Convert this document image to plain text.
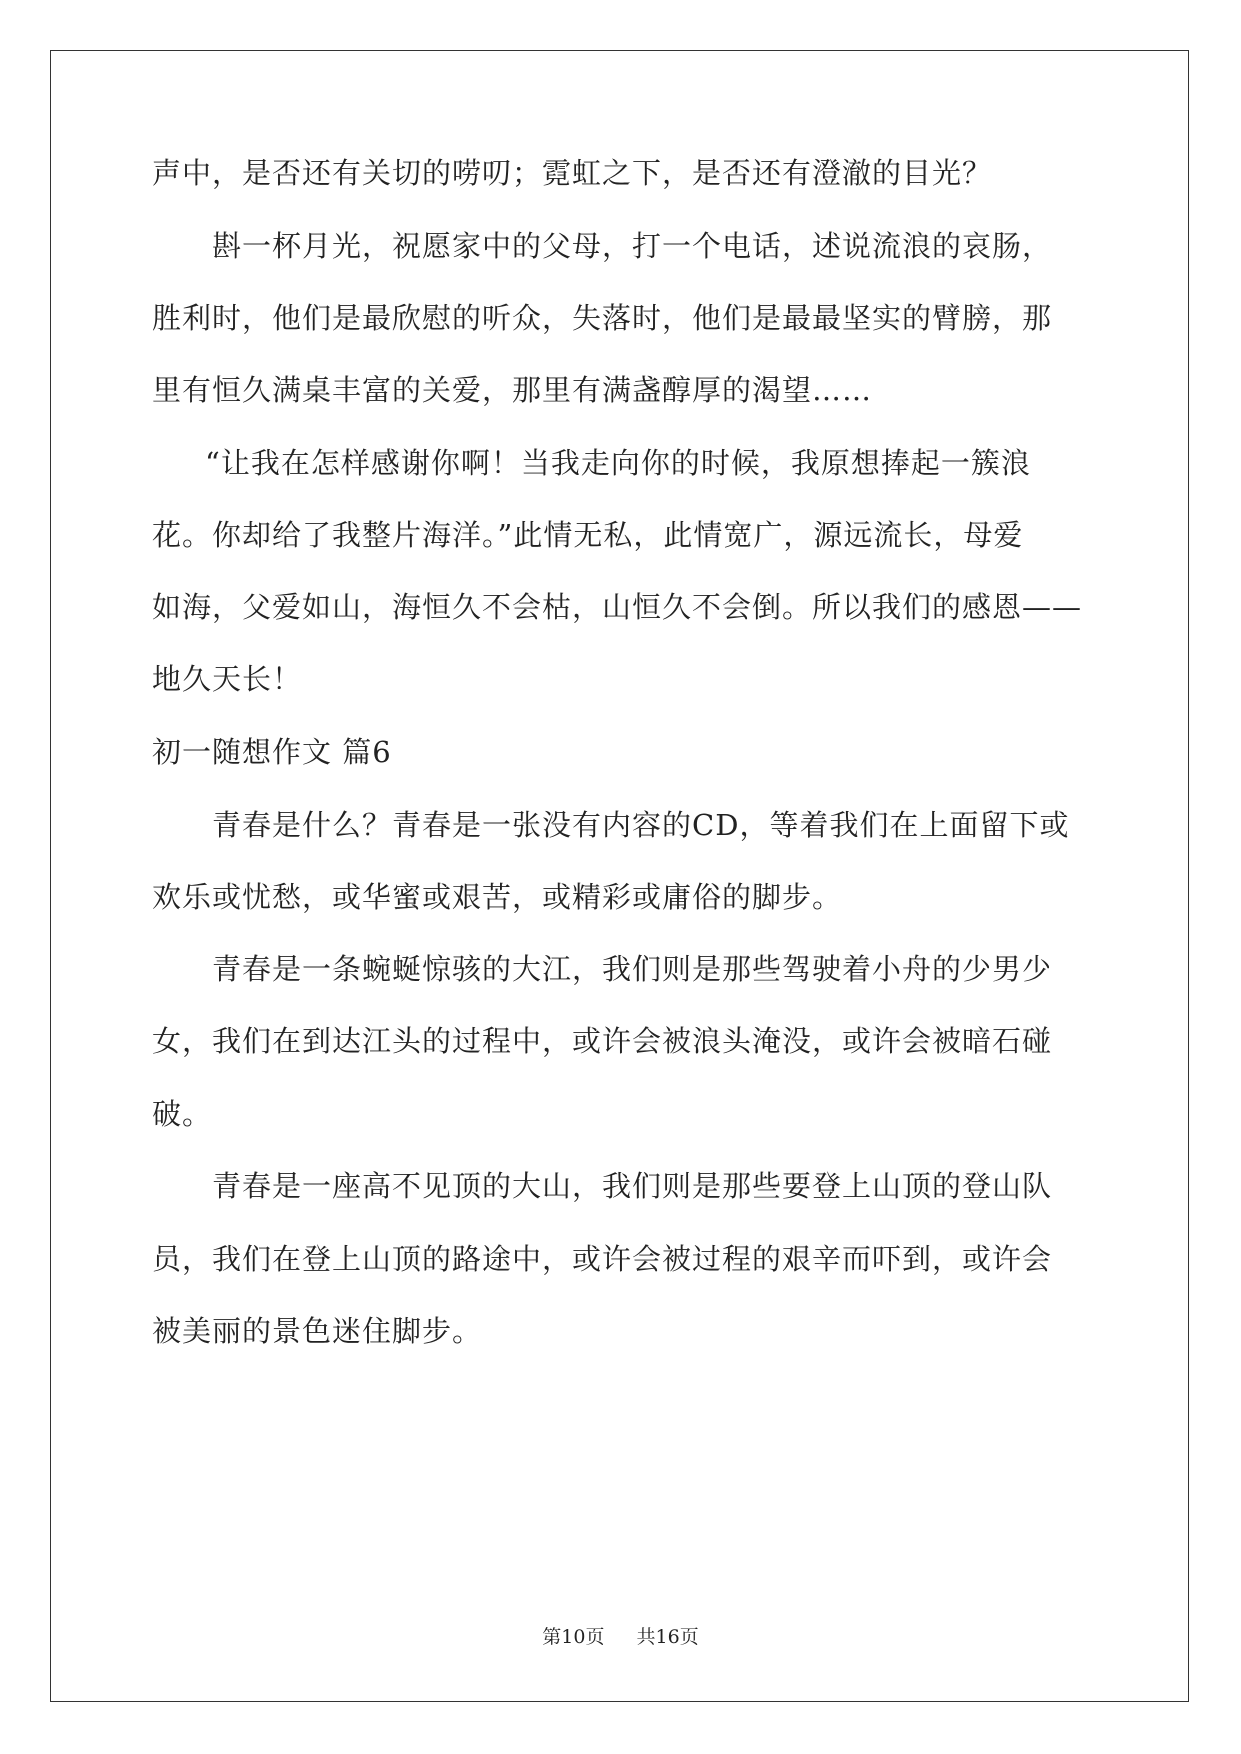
声中，是否还有关切的唠叨；霓虹之下，是否还有澄澈的目光？
斟一杯月光，祝愿家中的父母，打一个电话，述说流浪的哀肠，
胜利时，他们是最欣慰的听众，失落时，他们是最最坚实的臂膀，那
里有恒久满桌丰富的关爱，那里有满盏醇厚的渴望……
“让我在怎样感谢你啊！当我走向你的时候，我原想捧起一簇浪
花。你却给了我整片海洋。”此情无私，此情宽广，源远流长，母爱
如海，父爱如山，海恒久不会枯，山恒久不会倒。所以我们的感恩——
地久天长！
初一随想作文 篇6
青春是什么？青春是一张没有内容的CD，等着我们在上面留下或
欢乐或忧愁，或华蜜或艰苦，或精彩或庸俗的脚步。
青春是一条蜿蜒惊骇的大江，我们则是那些驾驶着小舟的少男少
女，我们在到达江头的过程中，或许会被浪头淹没，或许会被暗石碰
破。
青春是一座高不见顶的大山，我们则是那些要登上山顶的登山队
员，我们在登上山顶的路途中，或许会被过程的艰辛而吓到，或许会
被美丽的景色迷住脚步。
第10页 共16页
